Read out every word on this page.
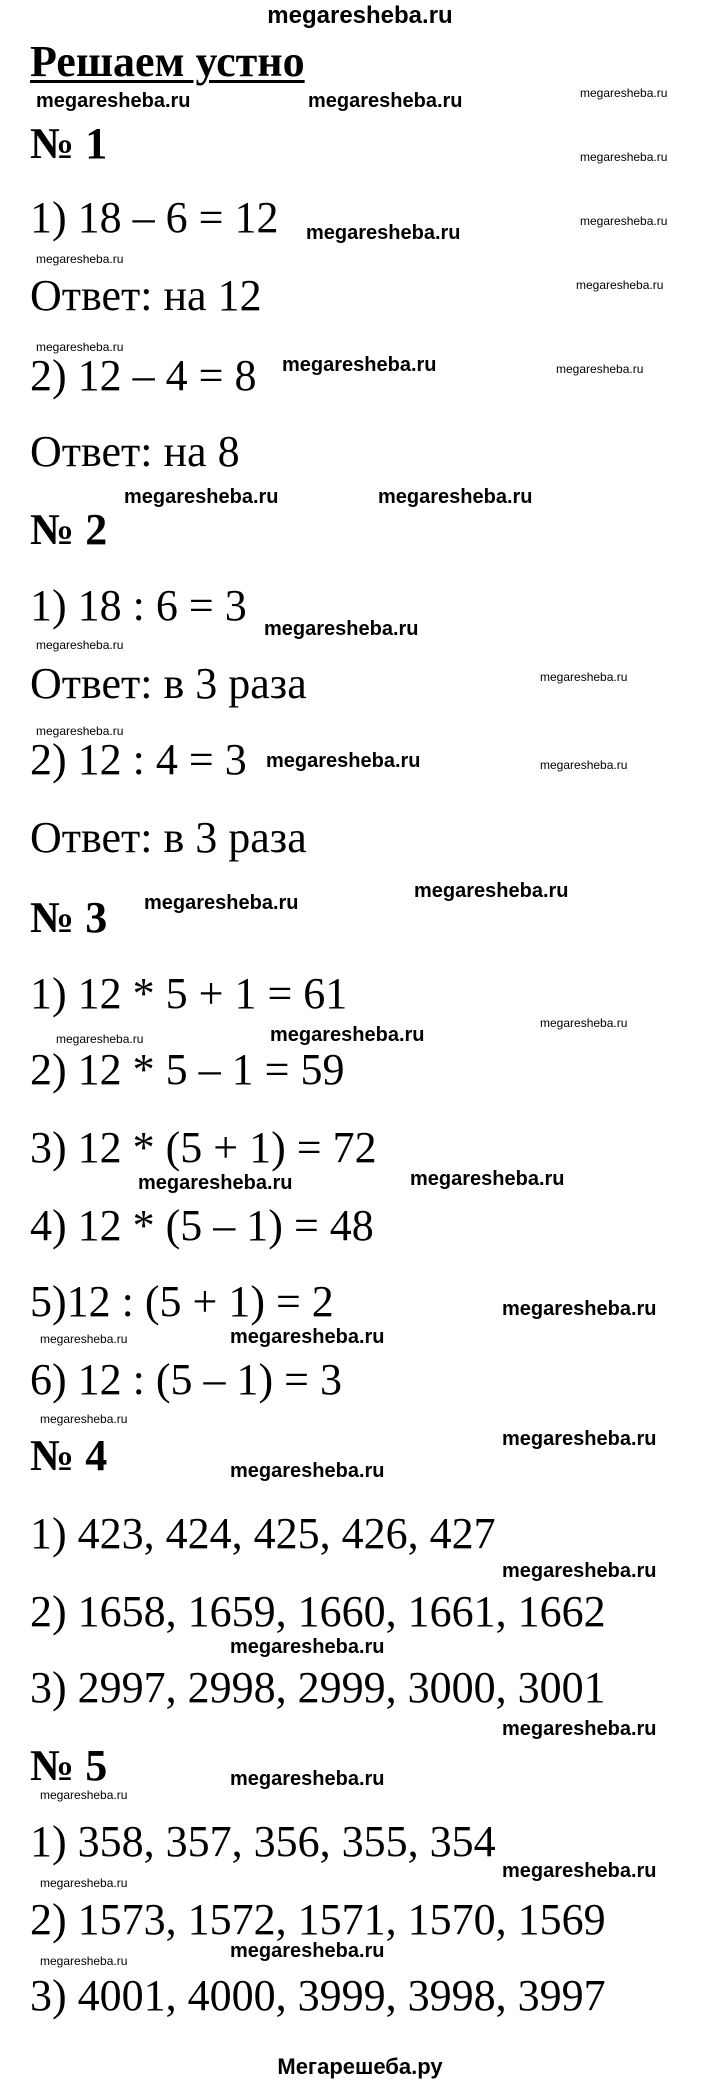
megaresheba.ru
Решаем устно
№ 1
1) 18 – 6 = 12
Ответ: на 12
2) 12 – 4 = 8
Ответ: на 8
№ 2
1) 18 : 6 = 3
Ответ: в 3 раза
2) 12 : 4 = 3
Ответ: в 3 раза
№ 3
1) 12 * 5 + 1 = 61
2) 12 * 5 – 1 = 59
3) 12 * (5 + 1) = 72
4) 12 * (5 – 1) = 48
5)12 : (5 + 1) = 2
6) 12 : (5 – 1) = 3
№ 4
1) 423, 424, 425, 426, 427
2) 1658, 1659, 1660, 1661, 1662
3) 2997, 2998, 2999, 3000, 3001
№ 5
1) 358, 357, 356, 355, 354
2) 1573, 1572, 1571, 1570, 1569
3) 4001, 4000, 3999, 3998, 3997
megaresheba.ru
megaresheba.ru
megaresheba.ru
megaresheba.ru
megaresheba.ru
megaresheba.ru
megaresheba.ru
megaresheba.ru
megaresheba.ru
megaresheba.ru
megaresheba.ru
megaresheba.ru
megaresheba.ru
megaresheba.ru
megaresheba.ru
megaresheba.ru
megaresheba.ru
megaresheba.ru
megaresheba.ru	megaresheba.ru
megaresheba.ru
megaresheba.ru
megaresheba.ru	megaresheba.ru
megaresheba.ru
megaresheba.ru
megaresheba.ru
megaresheba.ru
megaresheba.ru
megaresheba.ru	megaresheba.ru
megaresheba.ru
megaresheba.ru
megaresheba.ru
megaresheba.ru
megaresheba.ru
megaresheba.ru
megaresheba.ru
megaresheba.ru
megaresheba.ru
megaresheba.ru
Мегарешеба.ру
